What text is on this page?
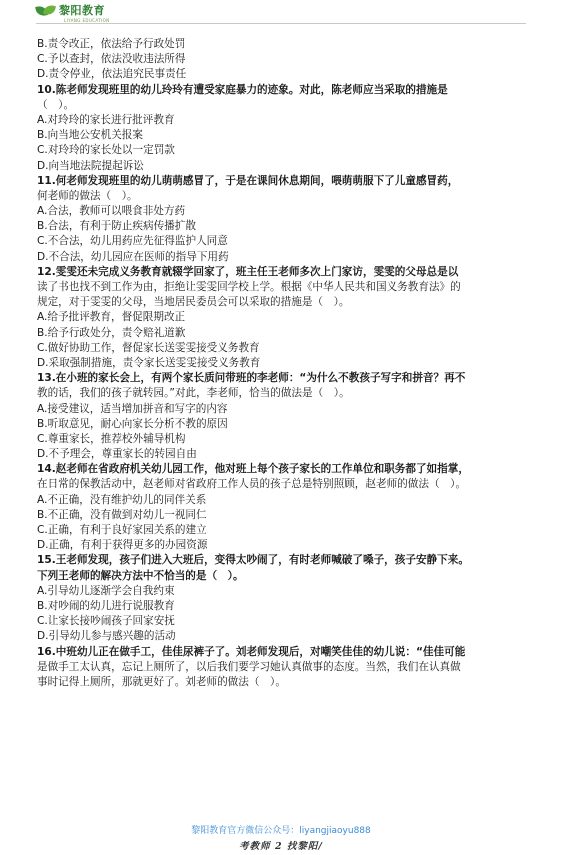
黎阳教育
LIYANG EDUCATION
B.责令改正，依法给予行政处罚
C.予以查封，依法没收违法所得
D.责令停业，依法追究民事责任
10.陈老师发现班里的幼儿玲玲有遭受家庭暴力的迹象。对此，陈老师应当采取的措施是
（　）。
A.对玲玲的家长进行批评教育
B.向当地公安机关报案
C.对玲玲的家长处以一定罚款
D.向当地法院提起诉讼
11.何老师发现班里的幼儿萌萌感冒了，于是在课间休息期间，喂萌萌服下了儿童感冒药，
何老师的做法（　）。
A.合法，教师可以喂食非处方药
B.合法，有利于防止疾病传播扩散
C.不合法，幼儿用药应先征得监护人同意
D.不合法，幼儿园应在医师的指导下用药
12.雯雯还未完成义务教育就辍学回家了，班主任王老师多次上门家访，雯雯的父母总是以
读了书也找不到工作为由，拒绝让雯雯回学校上学。根据《中华人民共和国义务教育法》的
规定，对于雯雯的父母，当地居民委员会可以采取的措施是（　）。
A.给予批评教育，督促限期改正
B.给予行政处分，责令赔礼道歉
C.做好协助工作，督促家长送雯雯接受义务教育
D.采取强制措施，责令家长送雯雯接受义务教育
13.在小班的家长会上，有两个家长质问带班的李老师：“为什么不教孩子写字和拼音？再不
教的话，我们的孩子就转园。”对此，李老师，恰当的做法是（　）。
A.接受建议，适当增加拼音和写字的内容
B.听取意见，耐心向家长分析不教的原因
C.尊重家长，推荐校外辅导机构
D.不予理会，尊重家长的转园自由
14.赵老师在省政府机关幼儿园工作，他对班上每个孩子家长的工作单位和职务都了如指掌，
在日常的保教活动中，赵老师对省政府工作人员的孩子总是特别照顾，赵老师的做法（　）。
A.不正确，没有维护幼儿的同伴关系
B.不正确，没有做到对幼儿一视同仁
C.正确，有利于良好家园关系的建立
D.正确，有利于获得更多的办园资源
15.王老师发现，孩子们进入大班后，变得太吵闹了，有时老师喊破了嗓子，孩子安静下来。
下列王老师的解决方法中不恰当的是（　）。
A.引导幼儿逐渐学会自我约束
B.对吵闹的幼儿进行说服教育
C.让家长接吵闹孩子回家安抚
D.引导幼儿参与感兴趣的活动
16.中班幼儿正在做手工，佳佳尿裤子了。刘老师发现后，对嘲笑佳佳的幼儿说：“佳佳可能
是做手工太认真，忘记上厕所了，以后我们要学习她认真做事的态度。当然，我们在认真做
事时记得上厕所，那就更好了。刘老师的做法（　）。
黎阳教育官方微信公众号：liyangjiaoyu888
考教师 2 找黎阳/
